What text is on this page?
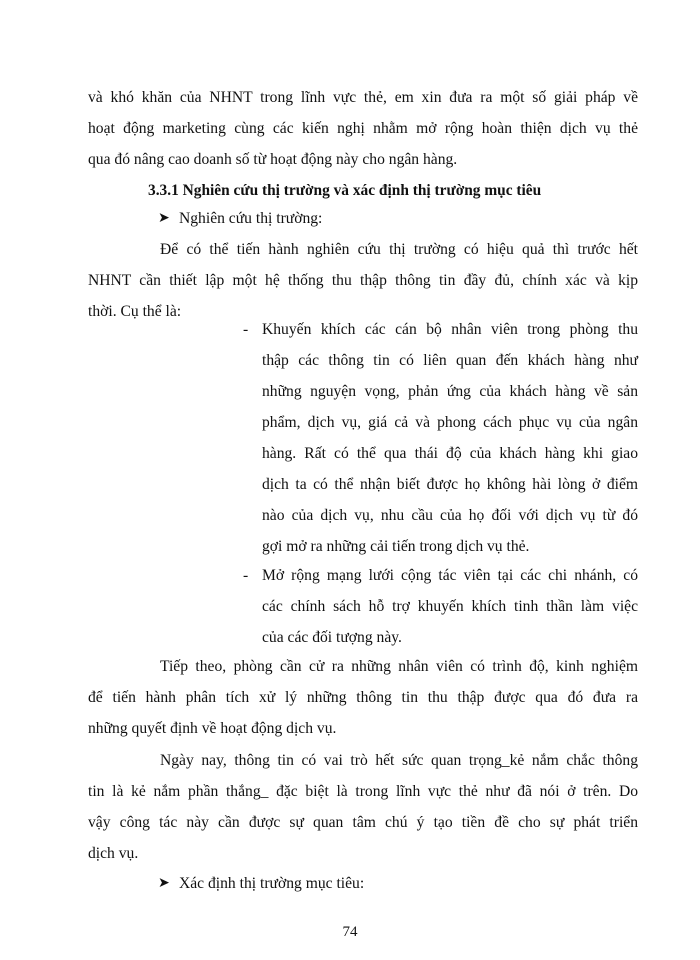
và khó khăn của NHNT trong lĩnh vực thẻ, em xin đưa ra một số giải pháp về
hoạt động marketing cùng các kiến nghị nhằm mở rộng hoàn thiện dịch vụ thẻ
qua đó nâng cao doanh số từ hoạt động này cho ngân hàng.
3.3.1 Nghiên cứu thị trường và xác định thị trường mục tiêu
➤ Nghiên cứu thị trường:
Để có thể tiến hành nghiên cứu thị trường có hiệu quả thì trước hết
NHNT cần thiết lập một hệ thống thu thập thông tin đầy đủ, chính xác và kịp
thời. Cụ thể là:
- Khuyến khích các cán bộ nhân viên trong phòng thu
thập các thông tin có liên quan đến khách hàng như
những nguyện vọng, phản ứng của khách hàng về sản
phẩm, dịch vụ, giá cả và phong cách phục vụ của ngân
hàng. Rất có thể qua thái độ của khách hàng khi giao
dịch ta có thể nhận biết được họ không hài lòng ở điểm
nào của dịch vụ, nhu cầu của họ đối với dịch vụ từ đó
gợi mở ra những cải tiến trong dịch vụ thẻ.
- Mở rộng mạng lưới cộng tác viên tại các chi nhánh, có
các chính sách hỗ trợ khuyến khích tinh thần làm việc
của các đối tượng này.
Tiếp theo, phòng cần cử ra những nhân viên có trình độ, kinh nghiệm
để tiến hành phân tích xử lý những thông tin thu thập được qua đó đưa ra
những quyết định về hoạt động dịch vụ.
Ngày nay, thông tin có vai trò hết sức quan trọng_kẻ nắm chắc thông
tin là kẻ nắm phần thắng_ đặc biệt là trong lĩnh vực thẻ như đã nói ở trên. Do
vậy công tác này cần được sự quan tâm chú ý tạo tiền đề cho sự phát triển
dịch vụ.
➤ Xác định thị trường mục tiêu:
74
